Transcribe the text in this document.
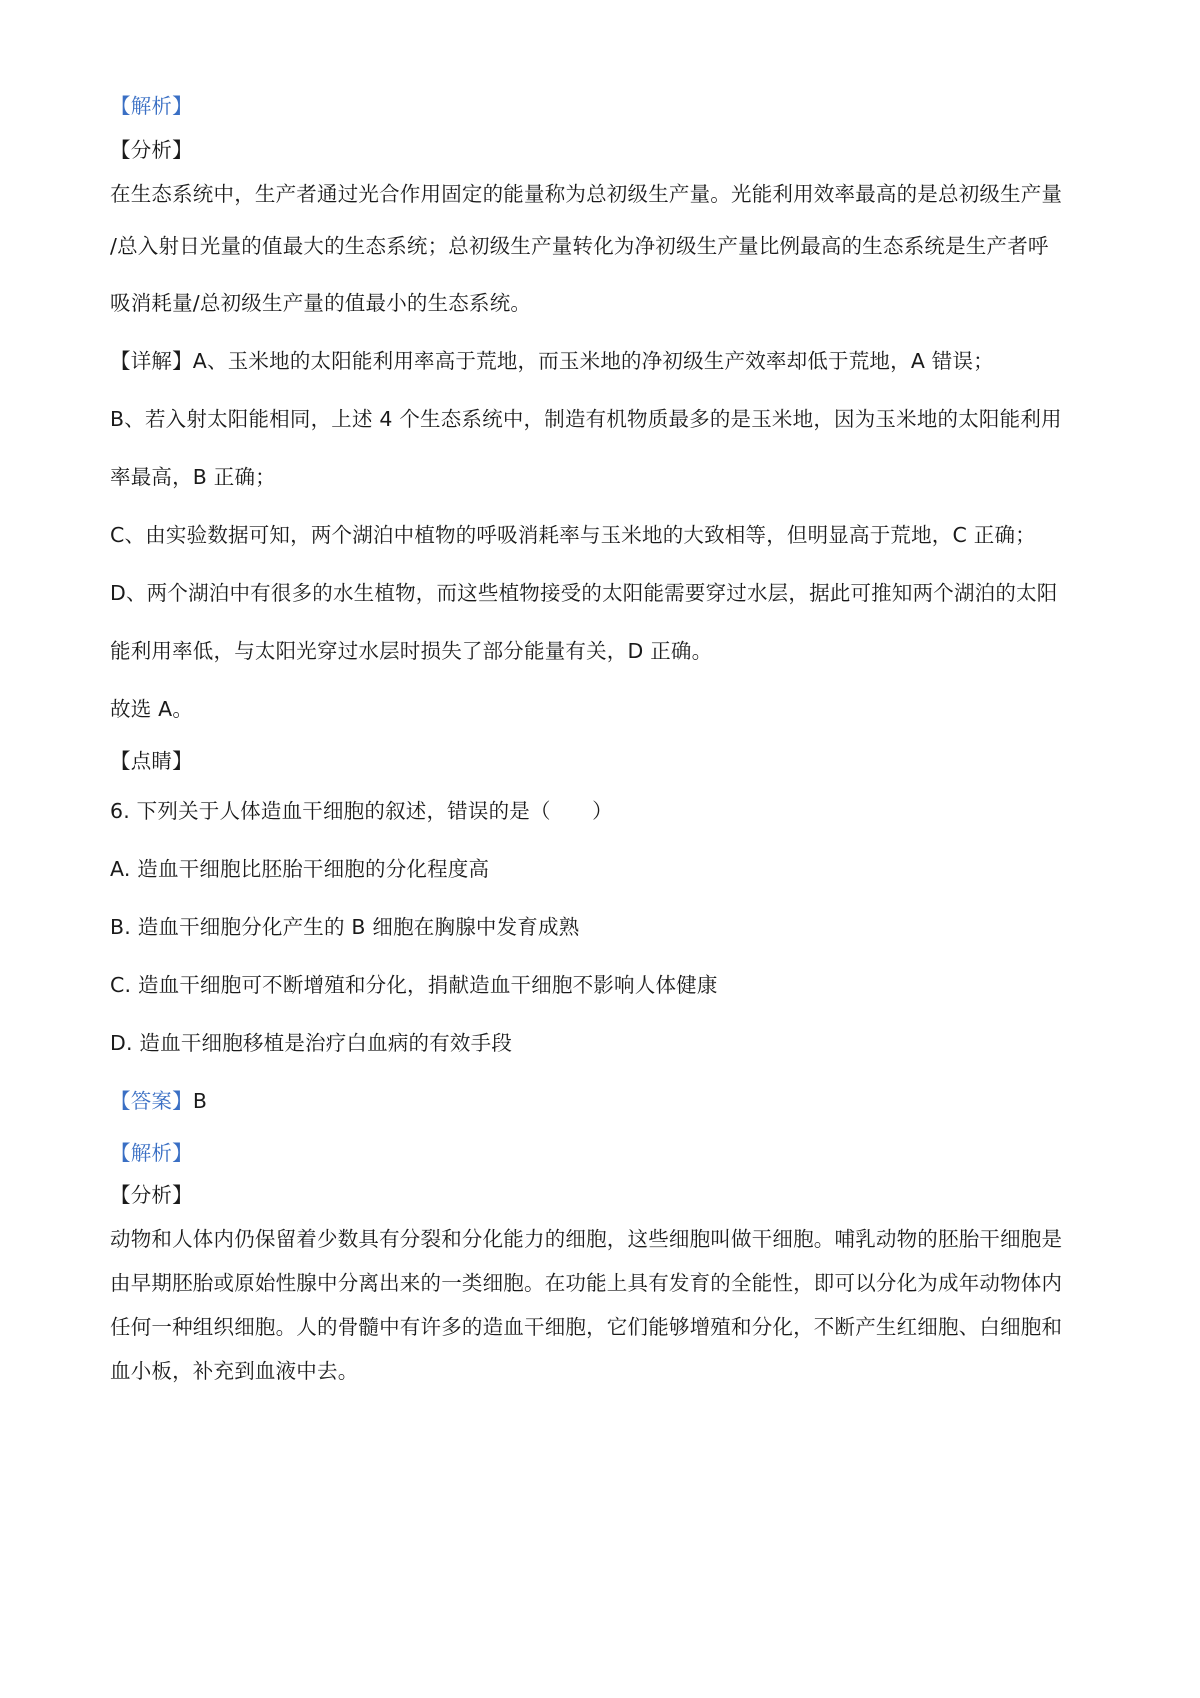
【解析】
【分析】
在生态系统中，生产者通过光合作用固定的能量称为总初级生产量。光能利用效率最高的是总初级生产量
/总入射日光量的值最大的生态系统；总初级生产量转化为净初级生产量比例最高的生态系统是生产者呼
吸消耗量/总初级生产量的值最小的生态系统。
【详解】A、玉米地的太阳能利用率高于荒地，而玉米地的净初级生产效率却低于荒地，A 错误；
B、若入射太阳能相同，上述 4 个生态系统中，制造有机物质最多的是玉米地，因为玉米地的太阳能利用
率最高，B 正确；
C、由实验数据可知，两个湖泊中植物的呼吸消耗率与玉米地的大致相等，但明显高于荒地，C 正确；
D、两个湖泊中有很多的水生植物，而这些植物接受的太阳能需要穿过水层，据此可推知两个湖泊的太阳
能利用率低，与太阳光穿过水层时损失了部分能量有关，D 正确。
故选 A。
【点睛】
6. 下列关于人体造血干细胞的叙述，错误的是（　　）
A. 造血干细胞比胚胎干细胞的分化程度高
B. 造血干细胞分化产生的 B 细胞在胸腺中发育成熟
C. 造血干细胞可不断增殖和分化，捐献造血干细胞不影响人体健康
D. 造血干细胞移植是治疗白血病的有效手段
【答案】B
【解析】
【分析】
动物和人体内仍保留着少数具有分裂和分化能力的细胞，这些细胞叫做干细胞。哺乳动物的胚胎干细胞是
由早期胚胎或原始性腺中分离出来的一类细胞。在功能上具有发育的全能性，即可以分化为成年动物体内
任何一种组织细胞。人的骨髓中有许多的造血干细胞，它们能够增殖和分化，不断产生红细胞、白细胞和
血小板，补充到血液中去。
